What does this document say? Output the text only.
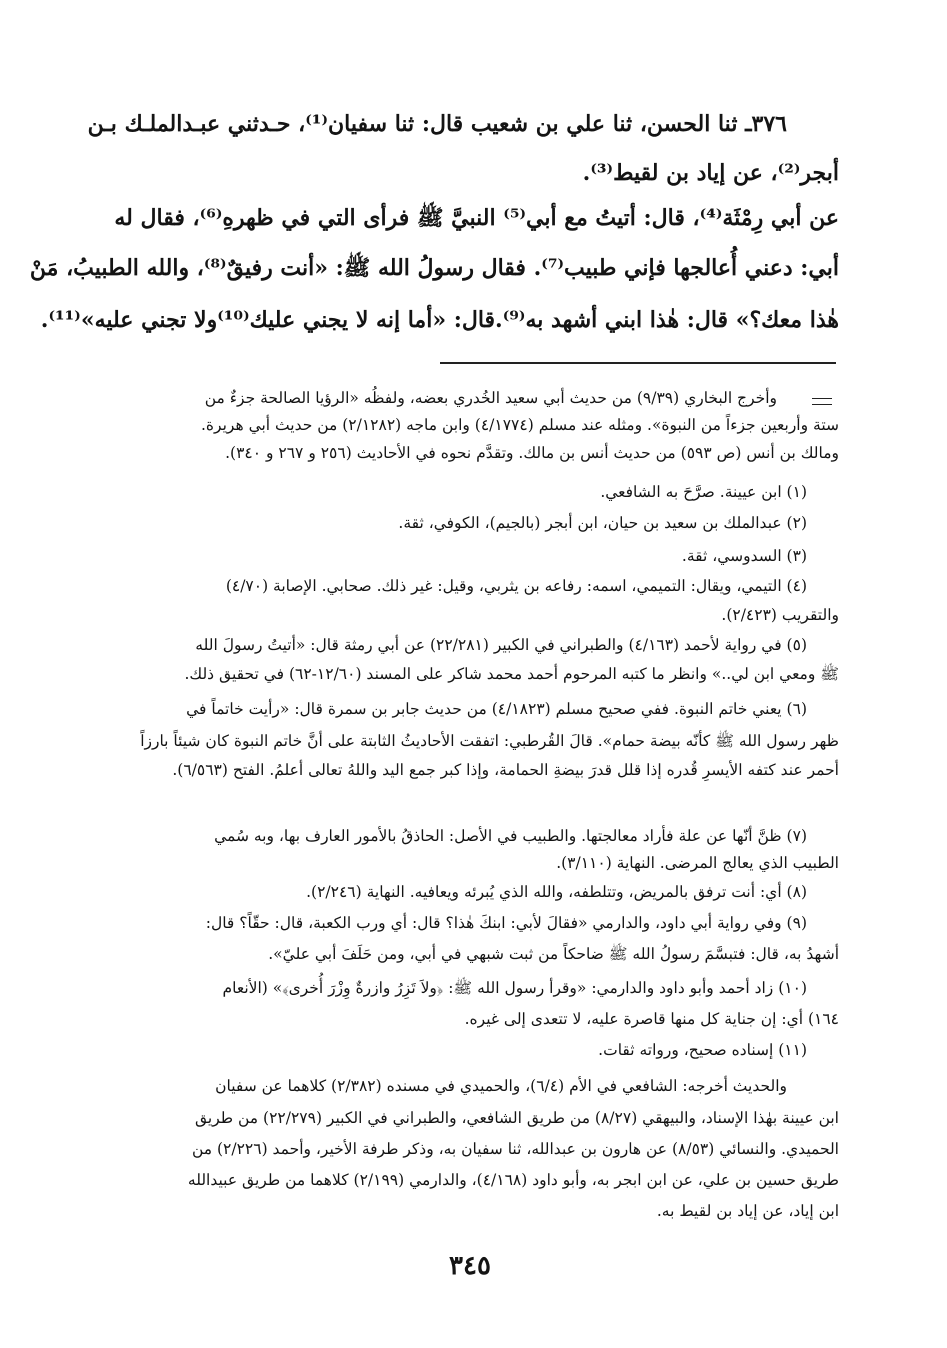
٣٧٦ـ ثنا الحسن، ثنا علي بن شعيب قال: ثنا سفيان⁽¹⁾، حـدثني عبـدالملـك بـن
أبجر⁽²⁾، عن إياد بن لقيط⁽³⁾.
عن أبي رِمْثَة⁽⁴⁾، قال: أتيتُ مع أبي⁽⁵⁾ النبيَّ ﷺ فرأى التي في ظهرهِ⁽⁶⁾، فقال له
أبي: دعني أُعالجها فإني طبيب⁽⁷⁾. فقال رسولُ الله ﷺ: «أنت رفيقٌ⁽⁸⁾، والله الطبيبُ، مَنْ
هٰذا معك؟» قال: هٰذا ابني أشهد به⁽⁹⁾.قال: «أما إنه لا يجني عليك⁽¹⁰⁾ولا تجني عليه»⁽¹¹⁾.
وأخرج البخاري (٩/٣٩) من حديث أبي سعيد الخُدري بعضه، ولفظُه «الرؤيا الصالحة جزءٌ من
ستة وأربعين جزءاً من النبوة». ومثله عند مسلم (٤/١٧٧٤) وابن ماجه (٢/١٢٨٢) من حديث أبي هريرة.
ومالك بن أنس (ص ٥٩٣) من حديث أنس بن مالك. وتقدَّم نحوه في الأحاديث (٢٥٦ و ٢٦٧ و ٣٤٠).
(١) ابن عيينة. صرَّحَ به الشافعي.
(٢) عبدالملك بن سعيد بن حيان، ابن أبجر (بالجيم)، الكوفي، ثقة.
(٣) السدوسي، ثقة.
(٤) التيمي، ويقال: التميمي، اسمه: رفاعه بن يثربي، وقيل: غير ذلك. صحابي. الإصابة (٤/٧٠)
والتقريب (٢/٤٢٣).
(٥) في رواية لأحمد (٤/١٦٣) والطبراني في الكبير (٢٢/٢٨١) عن أبي رمثة قال: «أتيتُ رسولَ الله
ﷺ ومعي ابن لي..» وانظر ما كتبه المرحوم أحمد محمد شاكر على المسند (١٢/٦٠-٦٢) في تحقيق ذلك.
(٦) يعني خاتم النبوة. ففي صحيح مسلم (٤/١٨٢٣) من حديث جابر بن سمرة قال: «رأيت خاتماً في
ظهر رسول الله ﷺ كأنّه بيضة حمام». قالَ القُرطبي: اتفقت الأحاديثُ الثابتة على أنَّ خاتم النبوة كان شيئاً بارزاً
أحمر عند كتفه الأيسرِ قُدره إذا قلل قدرَ بيضةِ الحمامة، وإذا كبر جمع اليد واللهُ تعالى أعلمُ. الفتح (٦/٥٦٣).
(٧) ظنَّ أنّها عن علة فأراد معالجتها. والطبيب في الأصل: الحاذقُ بالأمور العارف بها، وبه سُمي
الطبيب الذي يعالج المرضى. النهاية (٣/١١٠).
(٨) أي: أنت ترفق بالمريض، وتتلطفه، والله الذي يُبرئه ويعافيه. النهاية (٢/٢٤٦).
(٩) وفي رواية أبي داود، والدارمي «فقالَ لأبي: ابنكَ هٰذا؟ قال: أي ورب الكعبة، قال: حقّاً؟ قال:
أشهدُ به، قال: فتبسَّمَ رسولُ الله ﷺ ضاحكاً من ثبت شبهي في أبي، ومن حَلَفَ أبي عليّ».
(١٠) زاد أحمد وأبو داود والدارمي: «وقرأ رسول الله ﷺ: ﴿ولاَ تَزِرُ وازرةٌ وِزْرَ أُخرى﴾» (الأنعام
١٦٤) أي: إن جناية كل منها قاصرة عليه، لا تتعدى إلى غيره.
(١١) إسناده صحيح، ورواته ثقات.
والحديث أخرجه: الشافعي في الأم (٦/٤)، والحميدي في مسنده (٢/٣٨٢) كلاهما عن سفيان
ابن عيينة بهٰذا الإسناد، والبيهقي (٨/٢٧) من طريق الشافعي، والطبراني في الكبير (٢٢/٢٧٩) من طريق
الحميدي. والنسائي (٨/٥٣) عن هارون بن عبدالله، ثنا سفيان به، وذكر طرفة الأخير، وأحمد (٢/٢٢٦) من
طريق حسين بن علي، عن ابن ابجر به، وأبو داود (٤/١٦٨)، والدارمي (٢/١٩٩) كلاهما من طريق عبيدالله
ابن إياد، عن إياد بن لقيط به.
٣٤٥
